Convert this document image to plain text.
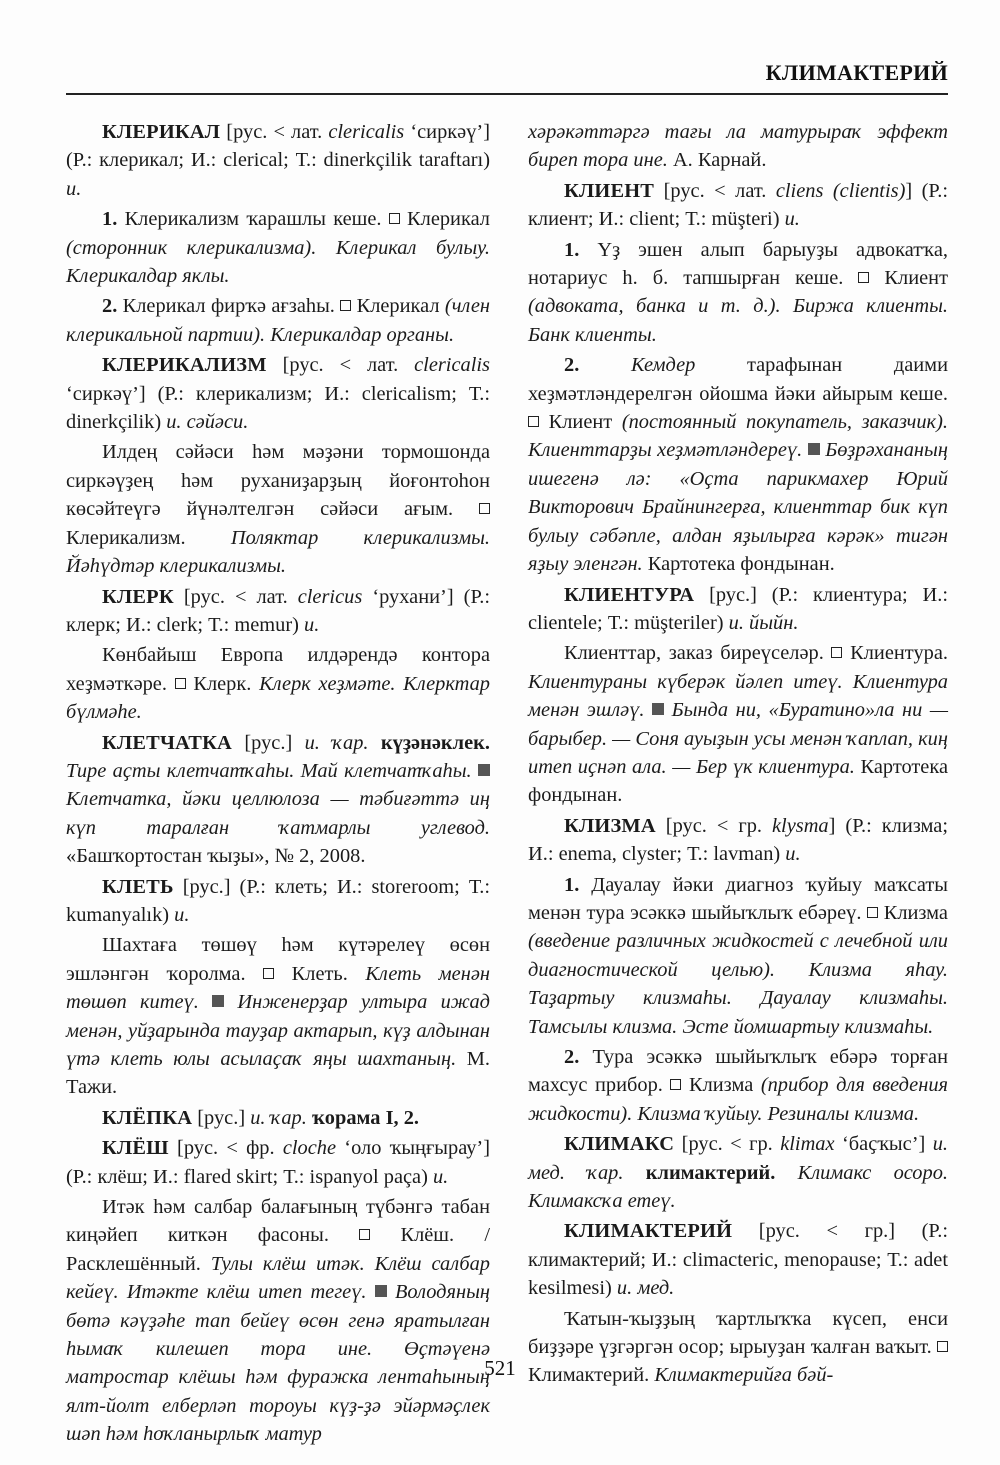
КЛИМАКТЕРИЙ

КЛЕРИКАЛ [рус. < лат. clericalis ‘сиркәү’] (Р.: клерикал; И.: clerical; Т.: dinerkçilik taraftarı) и.

1. Клерикализм ҡарашлы кеше.  Клерикал (сторонник клерикализма). Клерикал булыу. Клерикалдар яклы.

2. Клерикал фирҡә ағзаһы.  Клерикал (член клерикальной партии). Клерикалдар органы.

КЛЕРИКАЛИЗМ [рус. < лат. clericalis ‘сиркәү’] (Р.: клерикализм; И.: clericalism; Т.: dinerkçilik) и. сәйәси.

Илдең сәйәси һәм мәҙәни тормошонда сиркәүҙең һәм руханиҙарҙың йоғонтоһон көсәйтеүгә йүнәлтелгән сәйәси ағым.  Клерикализм. Поляктар клерикализмы. Йәһүдтәр клерикализмы.

КЛЕРК [рус. < лат. clericus ‘рухани’] (Р.: клерк; И.: clerk; Т.: memur) и.

Көнбайыш Европа илдәрендә контора хеҙмәткәре.  Клерк. Клерк хеҙмәте. Клерктар бүлмәһе.

КЛЕТЧАТКА [рус.] и. ҡар. күҙәнәклек. Тире аҫты клетчатҡаһы. Май клетчатҡаһы.  Клетчатка, йәки целлюлоза — тәбиғәттә иң күп таралған ҡатмарлы углевод. «Башҡортостан ҡыҙы», № 2, 2008.

КЛЕТЬ [рус.] (Р.: клеть; И.: storeroom; Т.: kumanyalık) и.

Шахтаға төшөү һәм күтәрелеү өсөн эшләнгән ҡоролма.  Клеть. Клеть менән төшөп китеү. Инженерҙар ултыра ижад менән, уйҙарында тауҙар актарып, күҙ алдынан үтә клеть юлы асылаҫаҡ яңы шахтаның. М. Тажи.

КЛЁПКА [рус.] и. ҡар. ҡорама I, 2.

КЛЁШ [рус. < фр. cloche ‘оло ҡыңғырау’] (Р.: клёш; И.: flared skirt; Т.: ispanyol paça) и.

Итәк һәм салбар балағының түбәнгә табан киңәйеп киткән фасоны.  Клёш. / Расклешённый. Тулы клёш итәк. Клёш салбар кейеү. Итәкте клёш итеп тегеү. Володяның бөтә кәүҙәһе тап бейеү өсөн генә яратылған һымаҡ килешеп тора ине. Өҫтәүенә матростар клёшы һәм фуражка лентаһының ялт-йолт елберләп тороуы күҙ-ҙә эйәрмәҫлек шәп һәм һоҡланырлыҡ матур

хәрәкәттәргә тағы ла матурыраҡ эффект биреп тора ине. А. Карнай.

КЛИЕНТ [рус. < лат. cliens (clientis)] (Р.: клиент; И.: client; Т.: müşteri) и.

1. Үҙ эшен алып барыуҙы адвокатҡа, нотариус һ. б. тапшырған кеше.  Клиент (адвоката, банка и т. д.). Биржа клиенты. Банк клиенты.

2.	Кемдер тарафынан даими хеҙмәтләндерелгән ойошма йәки айырым кеше.  Клиент (постоянный покупатель, заказчик). Клиенттарҙы хеҙмәтләндереү. Бөҙрәхананың ишегенә лә: «Оҫта парикмахер Юрий Викторович Брайнингерға, клиенттар бик күп булыу сәбәпле, алдан яҙылырға кәрәк» тигән яҙыу эленгән. Картотека фондынан.

КЛИЕНТУРА [рус.] (Р.: клиентура; И.: clientele; Т.: müşteriler) и. йыйн.

Клиенттар, заказ биреүселәр.  Клиентура. Клиентураны күберәк йәлеп итеү. Клиентура менән эшләү. Бында ни, «Буратино»ла ни — барыбер. — Соня ауыҙын усы менән ҡаплап, киң итеп иҫнәп ала. — Бер үк клиентура. Картотека фондынан.

КЛИЗМА [рус. < гр. klysma] (Р.: клизма; И.: enema, clyster; Т.: lavman) и.

1. Дауалау йәки диагноз ҡуйыу маҡсаты менән тура эсәккә шыйыҡлыҡ ебәреү.  Клизма (введение различных жидкостей с лечебной или диагностической целью). Клизма яһау. Таҙартыу клизмаһы. Дауалау клизмаһы. Тамсылы клизма. Эсте йомшартыу клизмаһы.

2. Тура эсәккә шыйыҡлыҡ ебәрә торған махсус прибор.  Клизма (прибор для введения жидкости). Клизма ҡуйыу. Резиналы клизма.

КЛИМАКС [рус. < гр. klimax ‘баҫҡыс’] и. мед. ҡар. климактерий. Климакс осоро. Климаксҡа етеү.

КЛИМАКТЕРИЙ [рус. < гр.] (Р.: климактерий; И.: climacteric, menopause; Т.: adet kesilmesi) и. мед.

Ҡатын-ҡыҙҙың ҡартлыҡҡа күсеп, енси биҙҙәре үҙгәргән осор; ырыуҙан ҡалған ваҡыт.  Климактерий. Климактерийға бәй-

521
